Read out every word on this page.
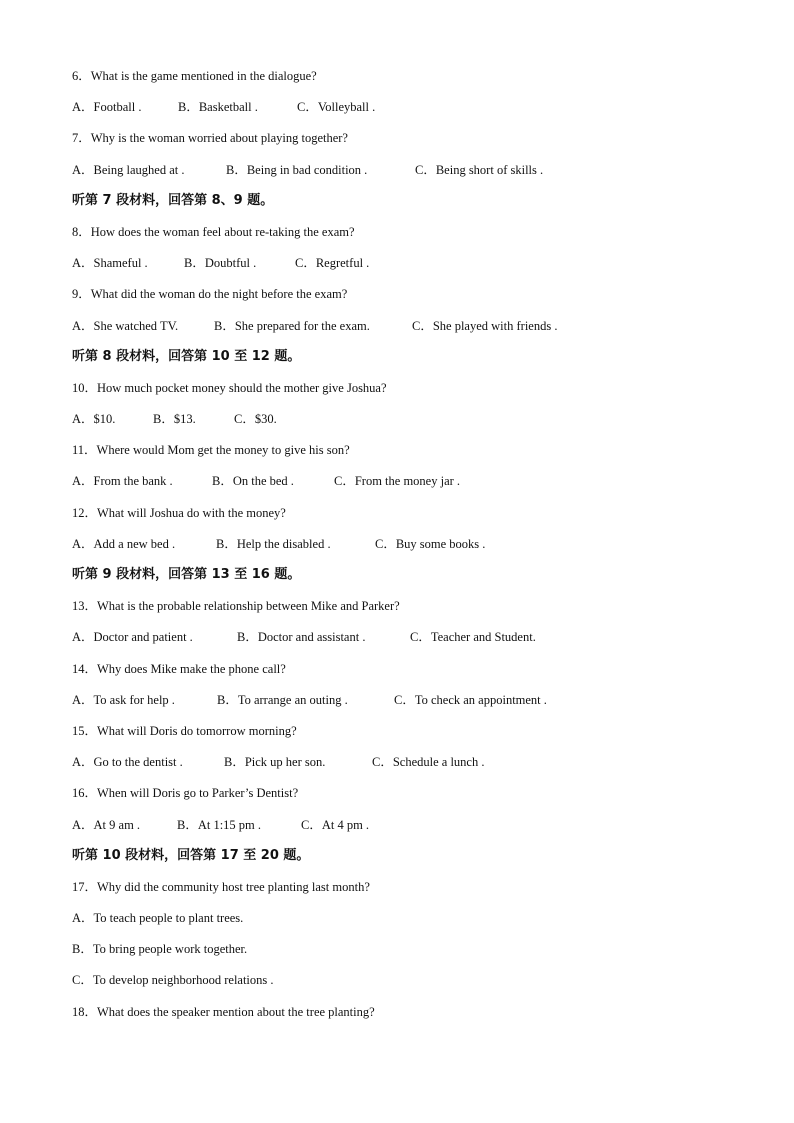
6．What is the game mentioned in the dialogue?
A．Football .	B．Basketball .	C．Volleyball .
7．Why is the woman worried about playing together?
A．Being laughed at .	B．Being in bad condition .	C．Being short of skills .
听第 7 段材料，回答第 8、9 题。
8．How does the woman feel about re-taking the exam?
A．Shameful .	B．Doubtful .	C．Regretful .
9．What did the woman do the night before the exam?
A．She watched TV.	B．She prepared for the exam.	C．She played with friends .
听第 8 段材料，回答第 10 至 12 题。
10．How much pocket money should the mother give Joshua?
A．$10.	B．$13.	C．$30.
11．Where would Mom get the money to give his son?
A．From the bank .	B．On the bed .	C．From the money jar .
12．What will Joshua do with the money?
A．Add a new bed .	B．Help the disabled .	C．Buy some books .
听第 9 段材料，回答第 13 至 16 题。
13．What is the probable relationship between Mike and Parker?
A．Doctor and patient .	B．Doctor and assistant .	C．Teacher and Student.
14．Why does Mike make the phone call?
A．To ask for help .	B．To arrange an outing .	C．To check an appointment .
15．What will Doris do tomorrow morning?
A．Go to the dentist .	B．Pick up her son.	C．Schedule a lunch .
16．When will Doris go to Parker’s Dentist?
A．At 9 am .	B．At 1:15 pm .	C．At 4 pm .
听第 10 段材料，回答第 17 至 20 题。
17．Why did the community host tree planting last month?
A．To teach people to plant trees.
B．To bring people work together.
C．To develop neighborhood relations .
18．What does the speaker mention about the tree planting?
